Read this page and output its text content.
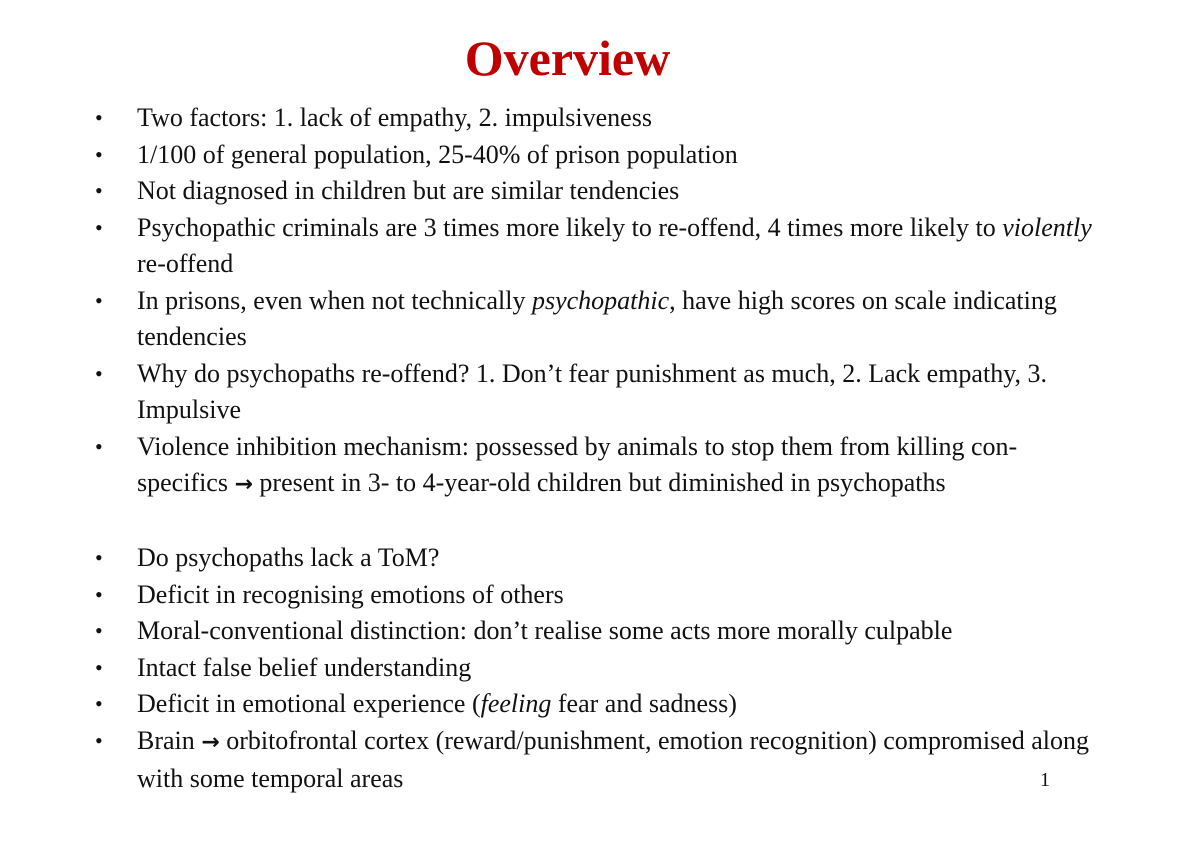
Overview
• Two factors: 1. lack of empathy, 2. impulsiveness
• 1/100 of general population, 25-40% of prison population
• Not diagnosed in children but are similar tendencies
• Psychopathic criminals are 3 times more likely to re-offend, 4 times more likely to violently re-offend
• In prisons, even when not technically psychopathic, have high scores on scale indicating tendencies
• Why do psychopaths re-offend? 1. Don’t fear punishment as much, 2. Lack empathy, 3. Impulsive
• Violence inhibition mechanism: possessed by animals to stop them from killing con-specifics → present in 3- to 4-year-old children but diminished in psychopaths
• Do psychopaths lack a ToM?
• Deficit in recognising emotions of others
• Moral-conventional distinction: don’t realise some acts more morally culpable
• Intact false belief understanding
• Deficit in emotional experience (feeling fear and sadness)
• Brain → orbitofrontal cortex (reward/punishment, emotion recognition) compromised along with some temporal areas	1
